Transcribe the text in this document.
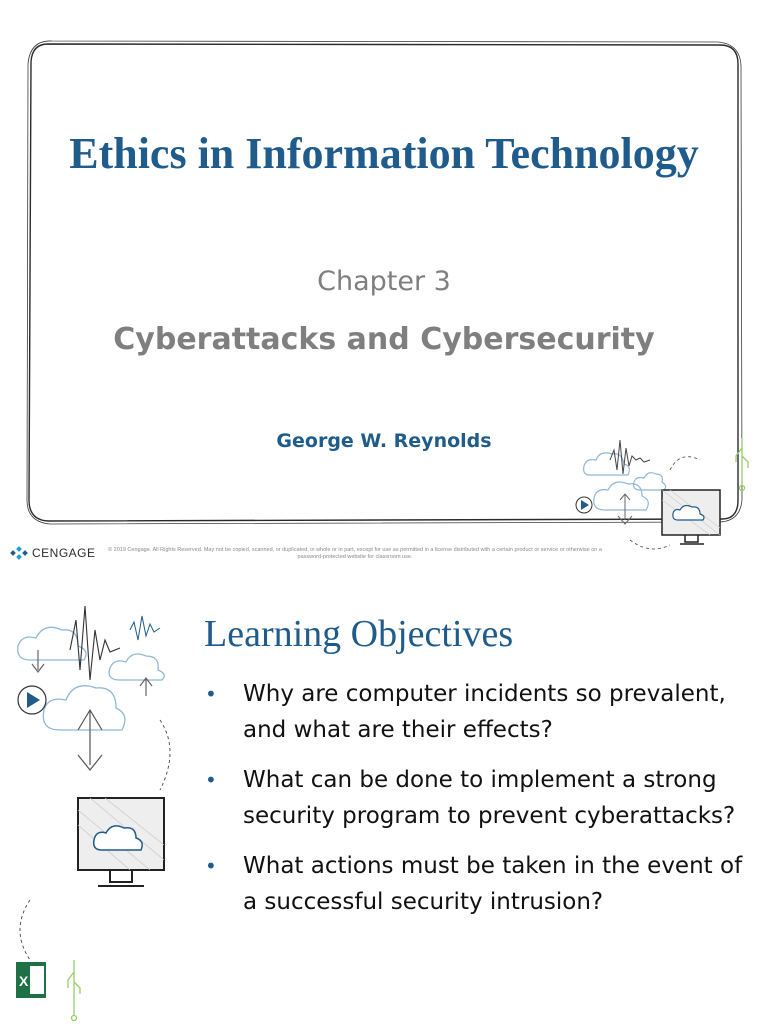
Ethics in Information Technology
Chapter 3
Cyberattacks and Cybersecurity
George W. Reynolds
CENGAGE	© 2019 Cengage. All Rights Reserved. May not be copied, scanned, or duplicated, in whole or in part, except for use as permitted in a license distributed with a certain product or service or otherwise on a password-protected website for classroom use.
X
Learning Objectives
• Why are computer incidents so prevalent, and what are their effects?
• What can be done to implement a strong security program to prevent cyberattacks?
• What actions must be taken in the event of a successful security intrusion?
